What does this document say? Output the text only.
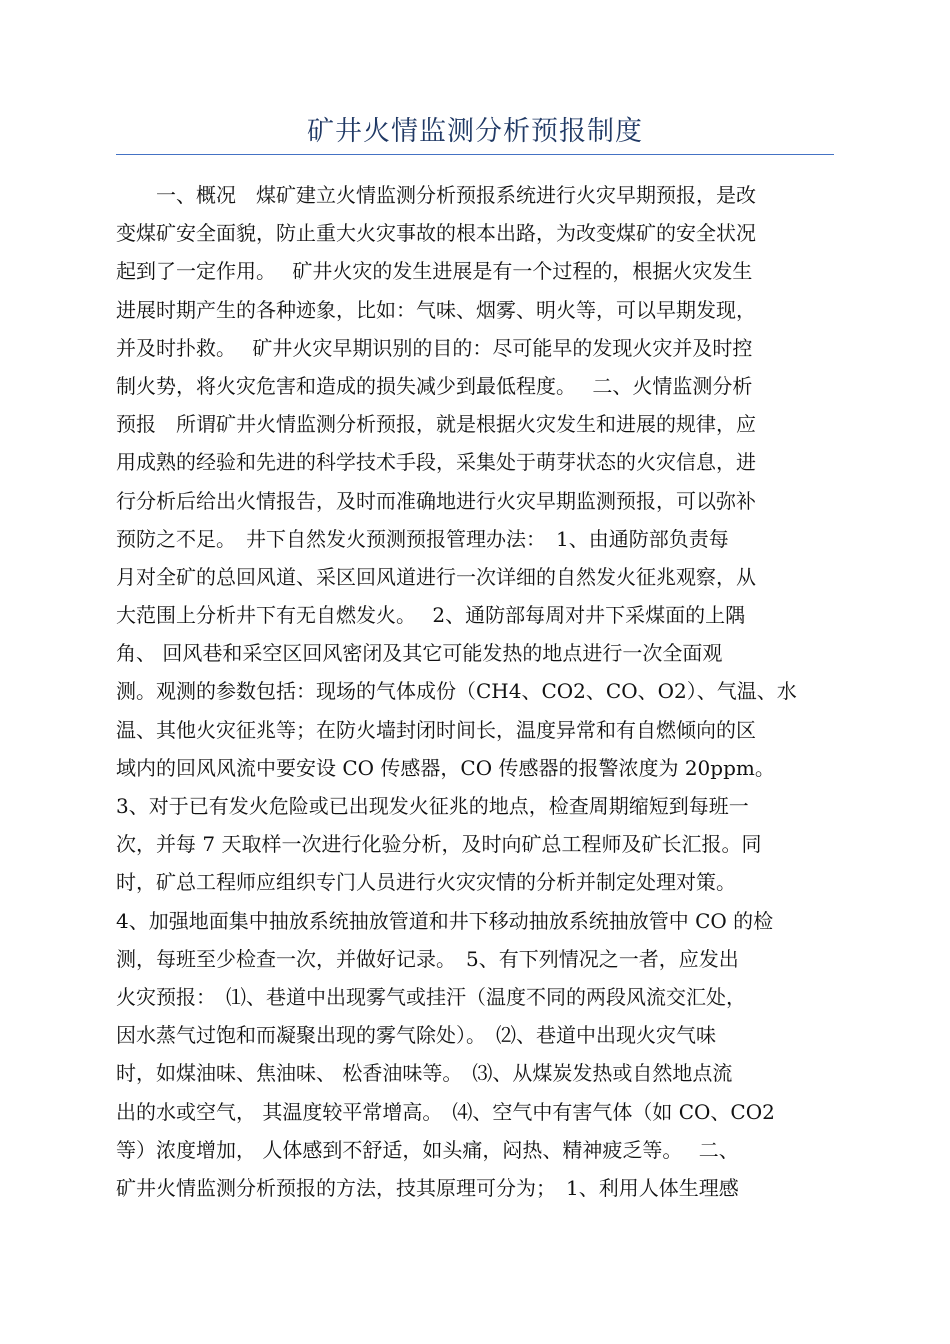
矿井火情监测分析预报制度
　　一、概况　煤矿建立火情监测分析预报系统进行火灾早期预报，是改
变煤矿安全面貌，防止重大火灾事故的根本出路，为改变煤矿的安全状况
起到了一定作用。　 矿井火灾的发生进展是有一个过程的，根据火灾发生
进展时期产生的各种迹象，比如：气味、烟雾、明火等，可以早期发现，
并及时扑救。　 矿井火灾早期识别的目的：尽可能早的发现火灾并及时控
制火势，将火灾危害和造成的损失减少到最低程度。　 二、火情监测分析
预报　所谓矿井火情监测分析预报，就是根据火灾发生和进展的规律，应
用成熟的经验和先进的科学技术手段，采集处于萌芽状态的火灾信息，进
行分析后给出火情报告，及时而准确地进行火灾早期监测预报，可以弥补
预防之不足。　井下自然发火预测预报管理办法：　1、由通防部负责每
月对全矿的总回风道、采区回风道进行一次详细的自然发火征兆观察，从
大范围上分析井下有无自燃发火。　 2、通防部每周对井下采煤面的上隅
角、 回风巷和采空区回风密闭及其它可能发热的地点进行一次全面观
测。观测的参数包括：现场的气体成份（CH4、CO2、CO、O2）、气温、水
温、其他火灾征兆等；在防火墙封闭时间长，温度异常和有自燃倾向的区
域内的回风风流中要安设 CO 传感器，CO 传感器的报警浓度为 20ppm。
3、对于已有发火危险或已出现发火征兆的地点，检查周期缩短到每班一
次，并每 7 天取样一次进行化验分析，及时向矿总工程师及矿长汇报。同
时，矿总工程师应组织专门人员进行火灾灾情的分析并制定处理对策。
4、加强地面集中抽放系统抽放管道和井下移动抽放系统抽放管中 CO 的检
测，每班至少检查一次，并做好记录。　5、有下列情况之一者，应发出
火灾预报：　⑴、巷道中出现雾气或挂汗（温度不同的两段风流交汇处，
因水蒸气过饱和而凝聚出现的雾气除处）。　⑵、巷道中出现火灾气味
时，如煤油味、焦油味、 松香油味等。　⑶、从煤炭发热或自然地点流
出的水或空气， 其温度较平常增高。　⑷、空气中有害气体（如 CO、CO2
等）浓度增加， 人体感到不舒适，如头痛，闷热、精神疲乏等。　 二、
矿井火情监测分析预报的方法，技其原理可分为；　1、利用人体生理感
